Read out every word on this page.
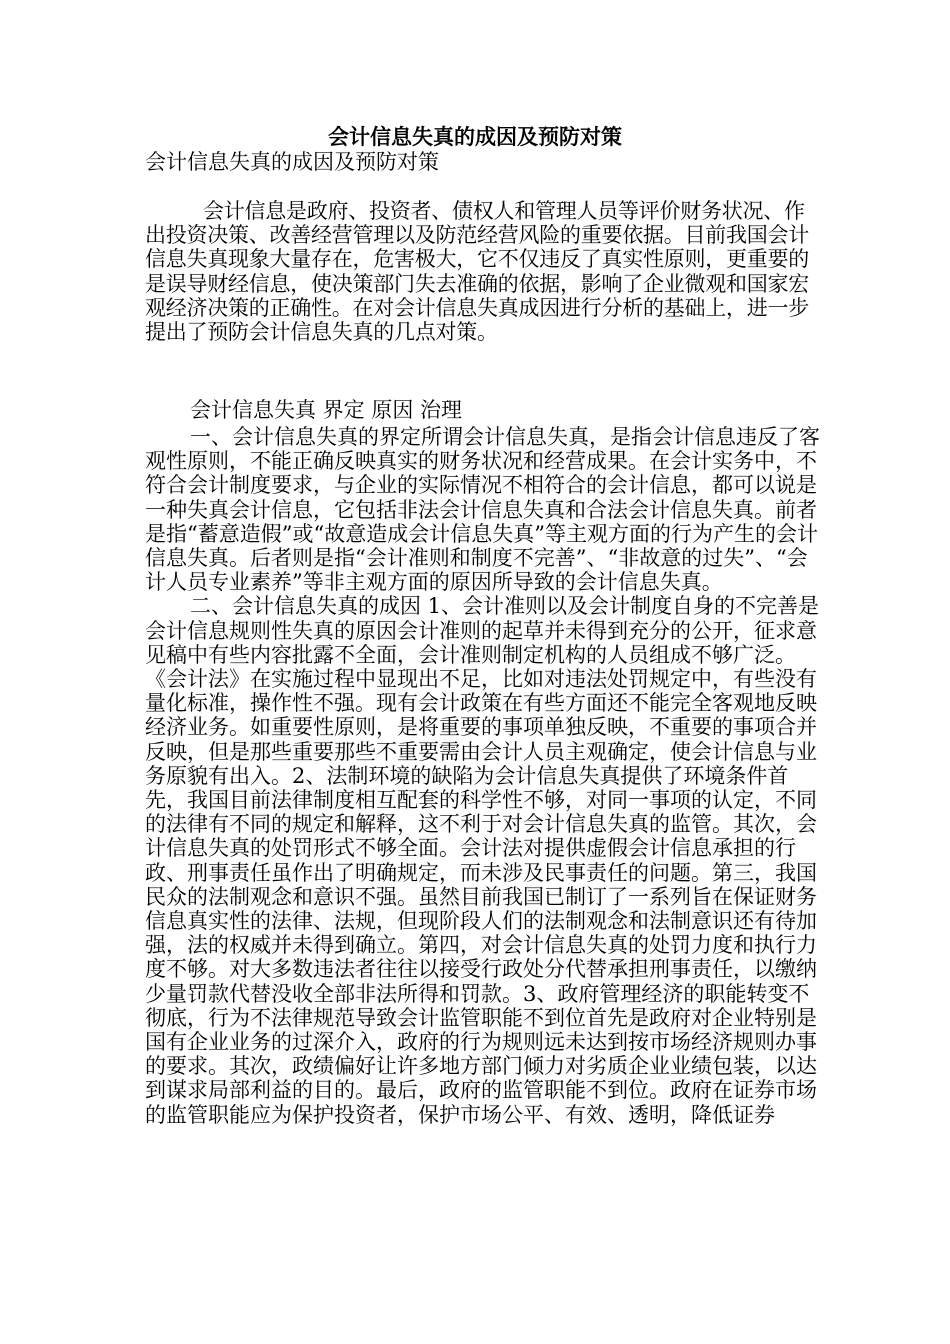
会计信息失真的成因及预防对策
会计信息失真的成因及预防对策

会计信息是政府、投资者、债权人和管理人员等评价财务状况、作出投资决策、改善经营管理以及防范经营风险的重要依据。目前我国会计信息失真现象大量存在，危害极大，它不仅违反了真实性原则，更重要的是误导财经信息，使决策部门失去准确的依据，影响了企业微观和国家宏观经济决策的正确性。在对会计信息失真成因进行分析的基础上，进一步提出了预防会计信息失真的几点对策。

会计信息失真 界定 原因 治理

一、会计信息失真的界定所谓会计信息失真，是指会计信息违反了客观性原则，不能正确反映真实的财务状况和经营成果。在会计实务中，不符合会计制度要求，与企业的实际情况不相符合的会计信息，都可以说是一种失真会计信息，它包括非法会计信息失真和合法会计信息失真。前者是指“蓄意造假”或“故意造成会计信息失真”等主观方面的行为产生的会计信息失真。后者则是指“会计准则和制度不完善”、“非故意的过失”、“会计人员专业素养”等非主观方面的原因所导致的会计信息失真。

二、会计信息失真的成因 1、会计准则以及会计制度自身的不完善是会计信息规则性失真的原因会计准则的起草并未得到充分的公开，征求意见稿中有些内容批露不全面，会计准则制定机构的人员组成不够广泛。《会计法》在实施过程中显现出不足，比如对违法处罚规定中，有些没有量化标准，操作性不强。现有会计政策在有些方面还不能完全客观地反映经济业务。如重要性原则，是将重要的事项单独反映，不重要的事项合并反映，但是那些重要那些不重要需由会计人员主观确定，使会计信息与业务原貌有出入。2、法制环境的缺陷为会计信息失真提供了环境条件首先，我国目前法律制度相互配套的科学性不够，对同一事项的认定，不同的法律有不同的规定和解释，这不利于对会计信息失真的监管。其次，会计信息失真的处罚形式不够全面。会计法对提供虚假会计信息承担的行政、刑事责任虽作出了明确规定，而未涉及民事责任的问题。第三，我国民众的法制观念和意识不强。虽然目前我国已制订了一系列旨在保证财务信息真实性的法律、法规，但现阶段人们的法制观念和法制意识还有待加强，法的权威并未得到确立。第四，对会计信息失真的处罚力度和执行力度不够。对大多数违法者往往以接受行政处分代替承担刑事责任，以缴纳少量罚款代替没收全部非法所得和罚款。3、政府管理经济的职能转变不彻底，行为不法律规范导致会计监管职能不到位首先是政府对企业特别是国有企业业务的过深介入，政府的行为规则远未达到按市场经济规则办事的要求。其次，政绩偏好让许多地方部门倾力对劣质企业业绩包装，以达到谋求局部利益的目的。最后，政府的监管职能不到位。政府在证券市场的监管职能应为保护投资者，保护市场公平、有效、透明，降低证券
